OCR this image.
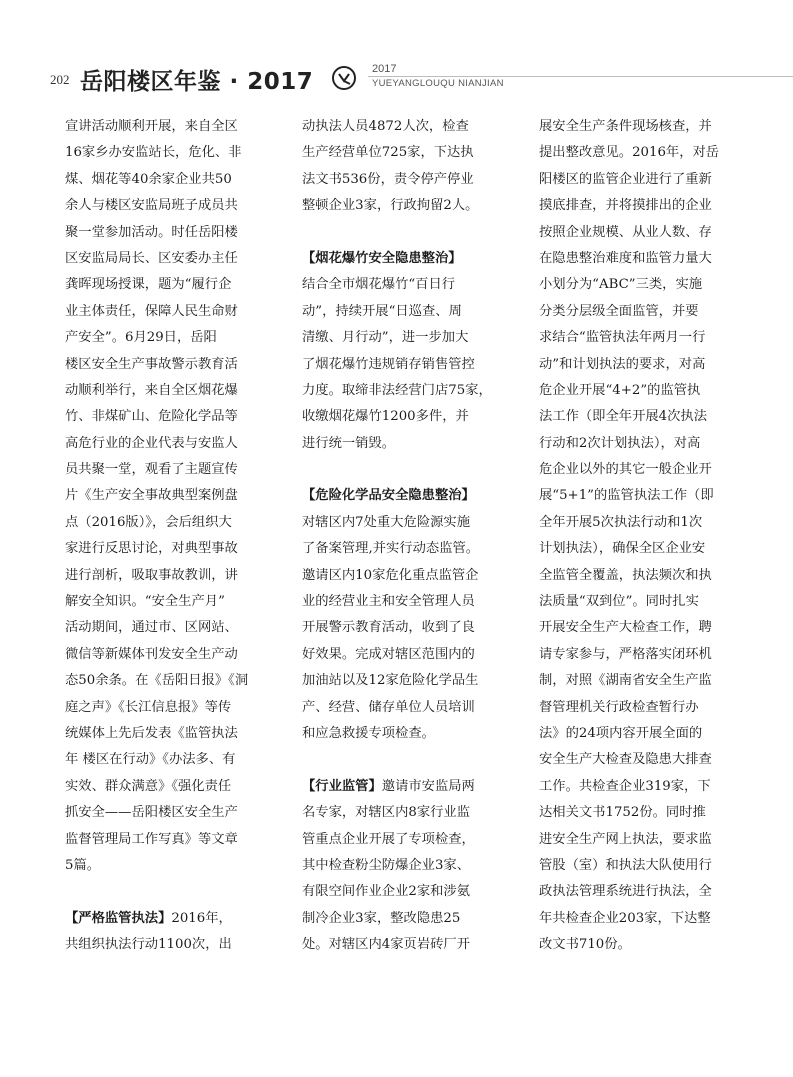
202 岳阳楼区年鉴 · 2017	2017
YUEYANGLOUQU NIANJIAN
宣讲活动顺利开展，来自全区
16家乡办安监站长，危化、非
煤、烟花等40余家企业共50
余人与楼区安监局班子成员共
聚一堂参加活动。时任岳阳楼
区安监局局长、区安委办主任
龚晖现场授课，题为“履行企
业主体责任，保障人民生命财
产安全”。6月29日，岳阳
楼区安全生产事故警示教育活
动顺利举行，来自全区烟花爆
竹、非煤矿山、危险化学品等
高危行业的企业代表与安监人
员共聚一堂，观看了主题宣传
片《生产安全事故典型案例盘
点（2016版）》，会后组织大
家进行反思讨论，对典型事故
进行剖析，吸取事故教训，讲
解安全知识。“安全生产月”
活动期间，通过市、区网站、
微信等新媒体刊发安全生产动
态50余条。在《岳阳日报》《洞
庭之声》《长江信息报》等传
统媒体上先后发表《监管执法
年 楼区在行动》《办法多、有
实效、群众满意》《强化责任
抓安全——岳阳楼区安全生产
监督管理局工作写真》等文章
5篇。
【严格监管执法】2016年，
共组织执法行动1100次，出
动执法人员4872人次，检查
生产经营单位725家，下达执
法文书536份，责令停产停业
整顿企业3家，行政拘留2人。
【烟花爆竹安全隐患整治】
结合全市烟花爆竹“百日行
动”，持续开展“日巡查、周
清缴、月行动”，进一步加大
了烟花爆竹违规销存销售管控
力度。取缔非法经营门店75家，
收缴烟花爆竹1200多件，并
进行统一销毁。
【危险化学品安全隐患整治】
对辖区内7处重大危险源实施
了备案管理,并实行动态监管。
邀请区内10家危化重点监管企
业的经营业主和安全管理人员
开展警示教育活动，收到了良
好效果。完成对辖区范围内的
加油站以及12家危险化学品生
产、经营、储存单位人员培训
和应急救援专项检查。
【行业监管】邀请市安监局两
名专家，对辖区内8家行业监
管重点企业开展了专项检查，
其中检查粉尘防爆企业3家、
有限空间作业企业2家和涉氨
制冷企业3家，整改隐患25
处。对辖区内4家页岩砖厂开
展安全生产条件现场核查，并
提出整改意见。2016年，对岳
阳楼区的监管企业进行了重新
摸底排查，并将摸排出的企业
按照企业规模、从业人数、存
在隐患整治难度和监管力量大
小划分为“ABC”三类，实施
分类分层级全面监管，并要
求结合“监管执法年两月一行
动”和计划执法的要求，对高
危企业开展“4+2”的监管执
法工作（即全年开展4次执法
行动和2次计划执法），对高
危企业以外的其它一般企业开
展“5+1”的监管执法工作（即
全年开展5次执法行动和1次
计划执法），确保全区企业安
全监管全覆盖，执法频次和执
法质量“双到位”。同时扎实
开展安全生产大检查工作，聘
请专家参与，严格落实闭环机
制，对照《湖南省安全生产监
督管理机关行政检查暂行办
法》的24项内容开展全面的
安全生产大检查及隐患大排查
工作。共检查企业319家，下
达相关文书1752份。同时推
进安全生产网上执法，要求监
管股（室）和执法大队使用行
政执法管理系统进行执法，全
年共检查企业203家，下达整
改文书710份。
